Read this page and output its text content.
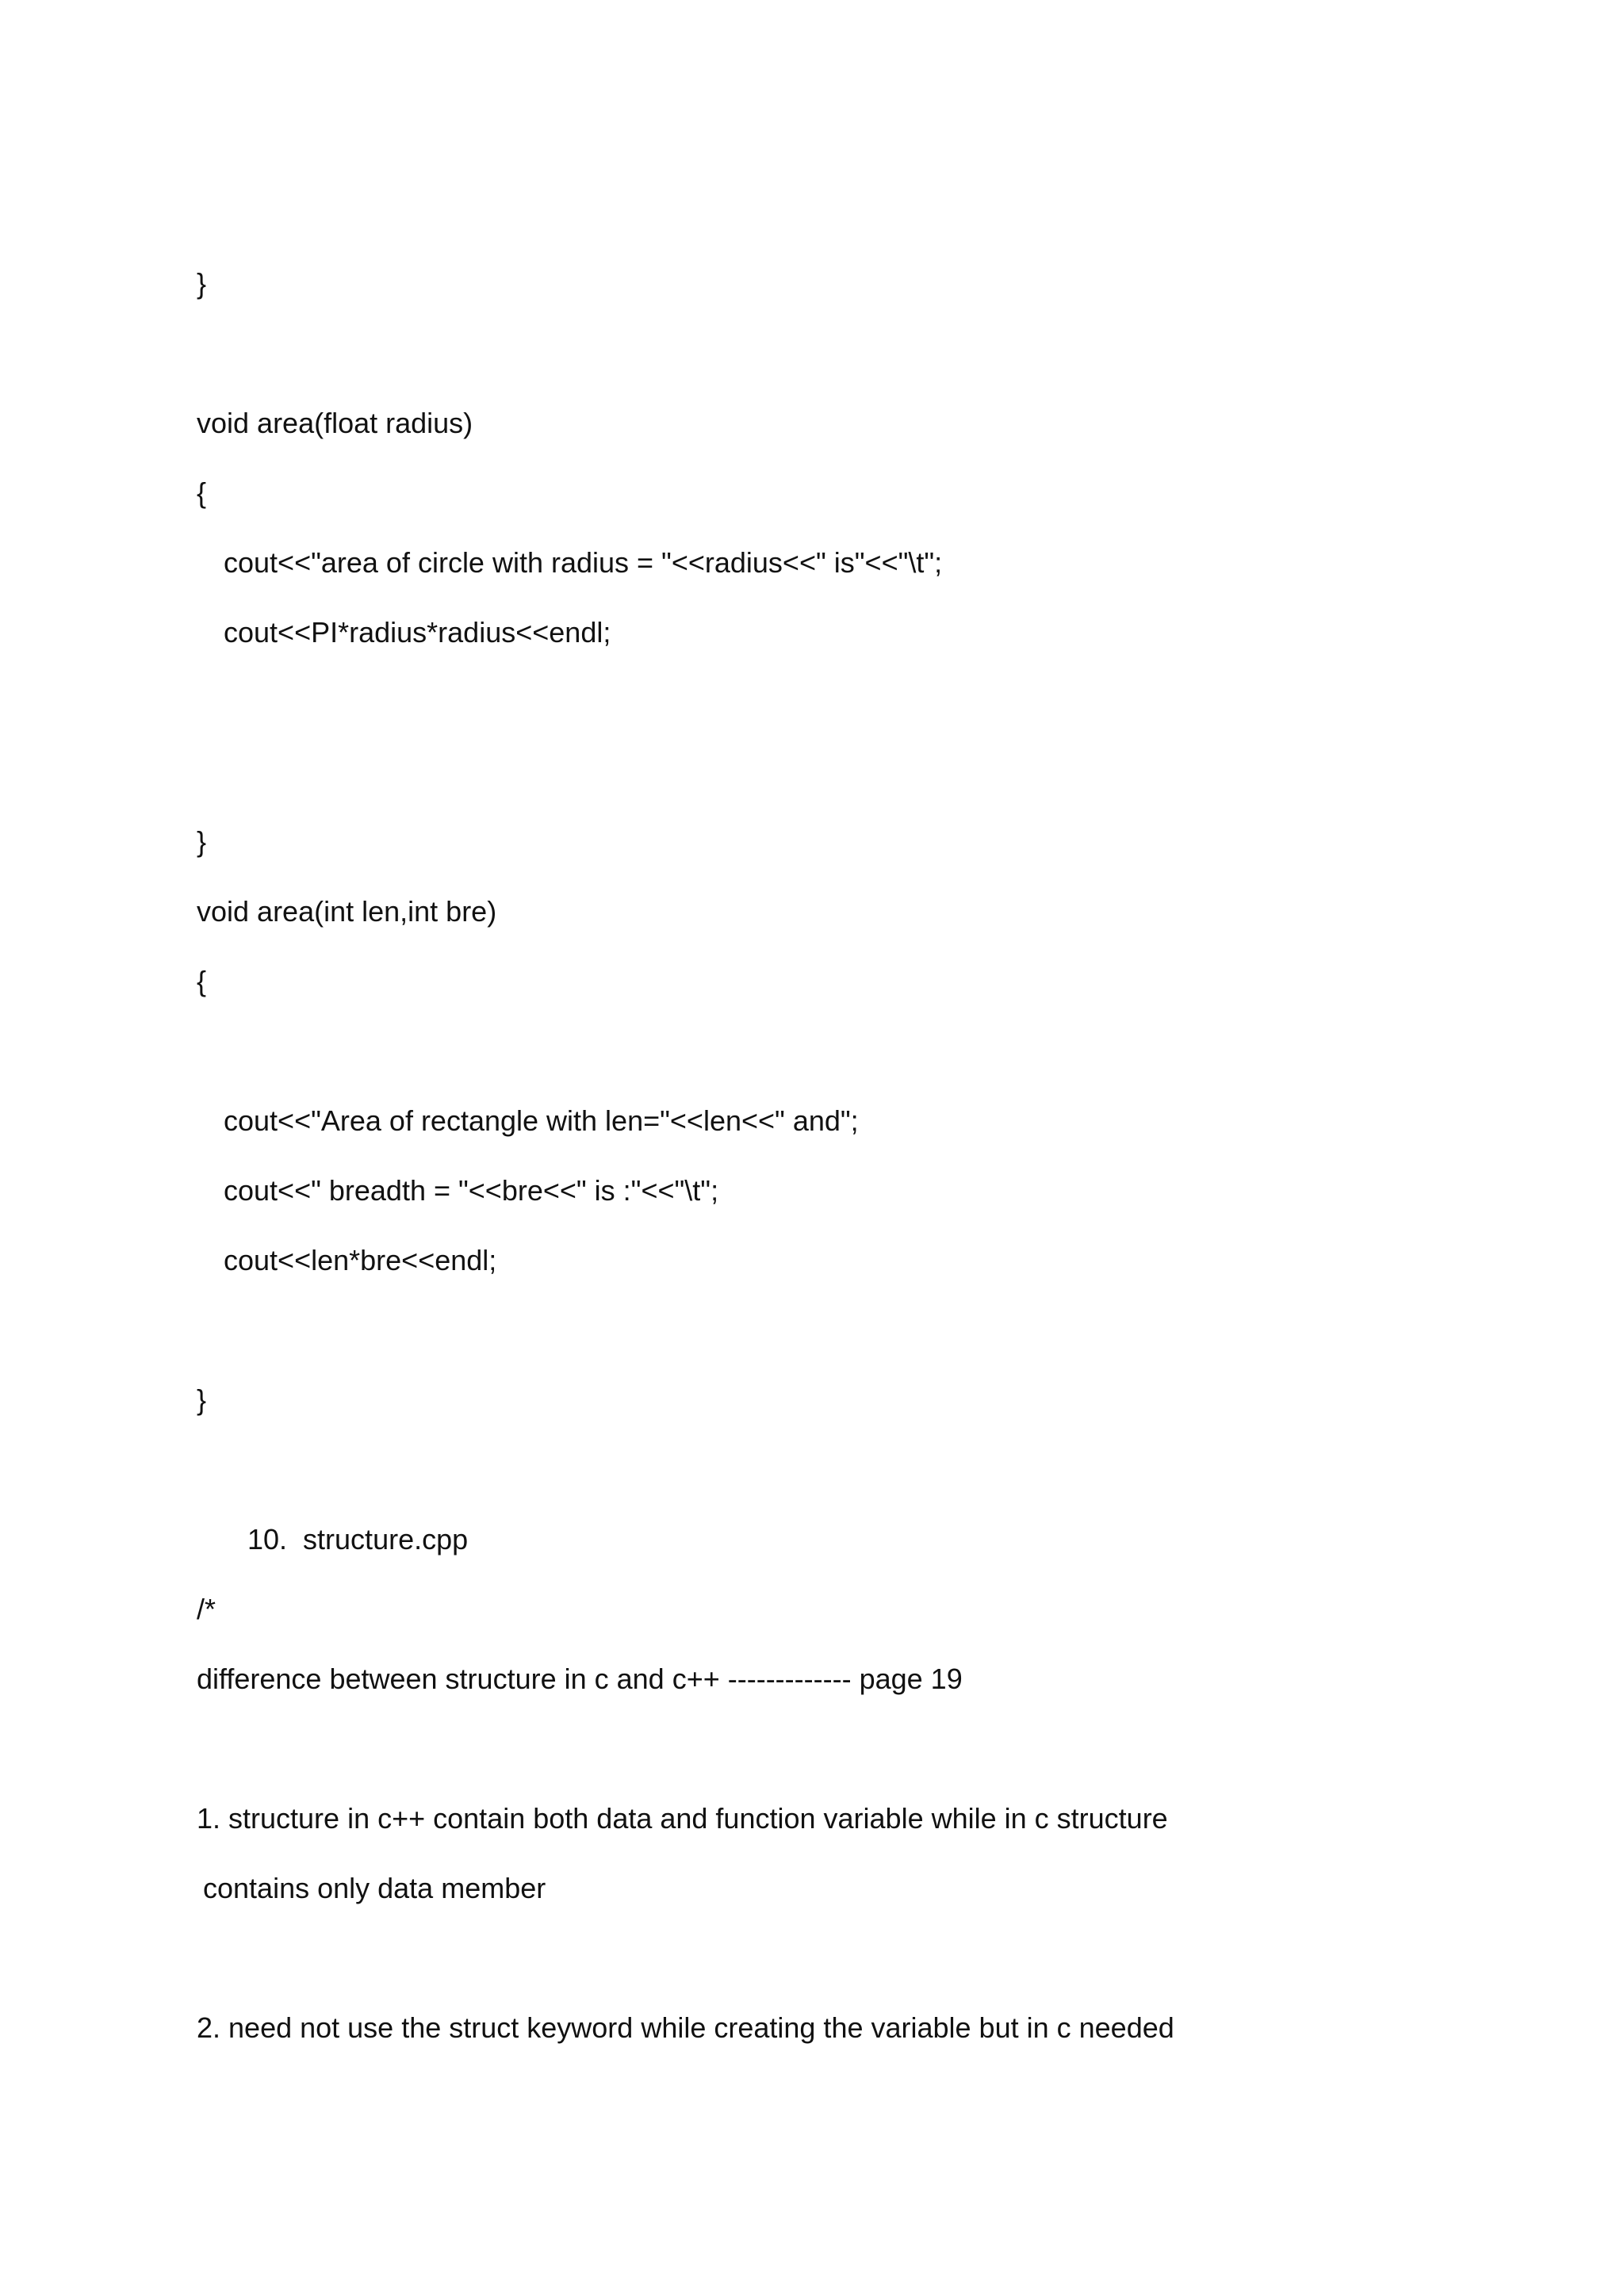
}
void area(float radius)
{
cout<<"area of circle with radius = "<<radius<<" is"<<"\t";
cout<<PI*radius*radius<<endl;
}
void area(int len,int bre)
{
cout<<"Area of rectangle with len="<<len<<" and";
cout<<" breadth = "<<bre<<" is :"<<"\t";
cout<<len*bre<<endl;
}
10.  structure.cpp
/*
difference between structure in c and c++ ------------- page 19
1. structure in c++ contain both data and function variable while in c structure
contains only data member
2. need not use the struct keyword while creating the variable but in c needed
